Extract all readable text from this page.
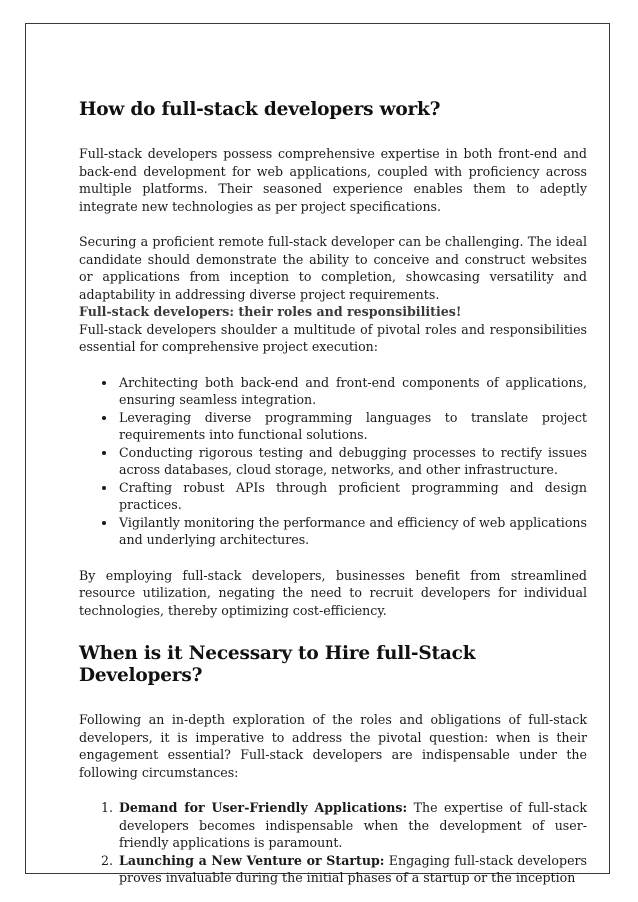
How do full-stack developers work?

Full-stack developers possess comprehensive expertise in both front-end and back-end development for web applications, coupled with proficiency across multiple platforms. Their seasoned experience enables them to adeptly integrate new technologies as per project specifications.

Securing a proficient remote full-stack developer can be challenging. The ideal candidate should demonstrate the ability to conceive and construct websites or applications from inception to completion, showcasing versatility and adaptability in addressing diverse project requirements.

Full-stack developers: their roles and responsibilities!

Full-stack developers shoulder a multitude of pivotal roles and responsibilities essential for comprehensive project execution:

• Architecting both back-end and front-end components of applications, ensuring seamless integration.
• Leveraging diverse programming languages to translate project requirements into functional solutions.
• Conducting rigorous testing and debugging processes to rectify issues across databases, cloud storage, networks, and other infrastructure.
• Crafting robust APIs through proficient programming and design practices.
• Vigilantly monitoring the performance and efficiency of web applications and underlying architectures.

By employing full-stack developers, businesses benefit from streamlined resource utilization, negating the need to recruit developers for individual technologies, thereby optimizing cost-efficiency.

When is it Necessary to Hire full-Stack Developers?

Following an in-depth exploration of the roles and obligations of full-stack developers, it is imperative to address the pivotal question: when is their engagement essential? Full-stack developers are indispensable under the following circumstances:

1. Demand for User-Friendly Applications: The expertise of full-stack developers becomes indispensable when the development of user-friendly applications is paramount.
2. Launching a New Venture or Startup: Engaging full-stack developers proves invaluable during the initial phases of a startup or the inception
